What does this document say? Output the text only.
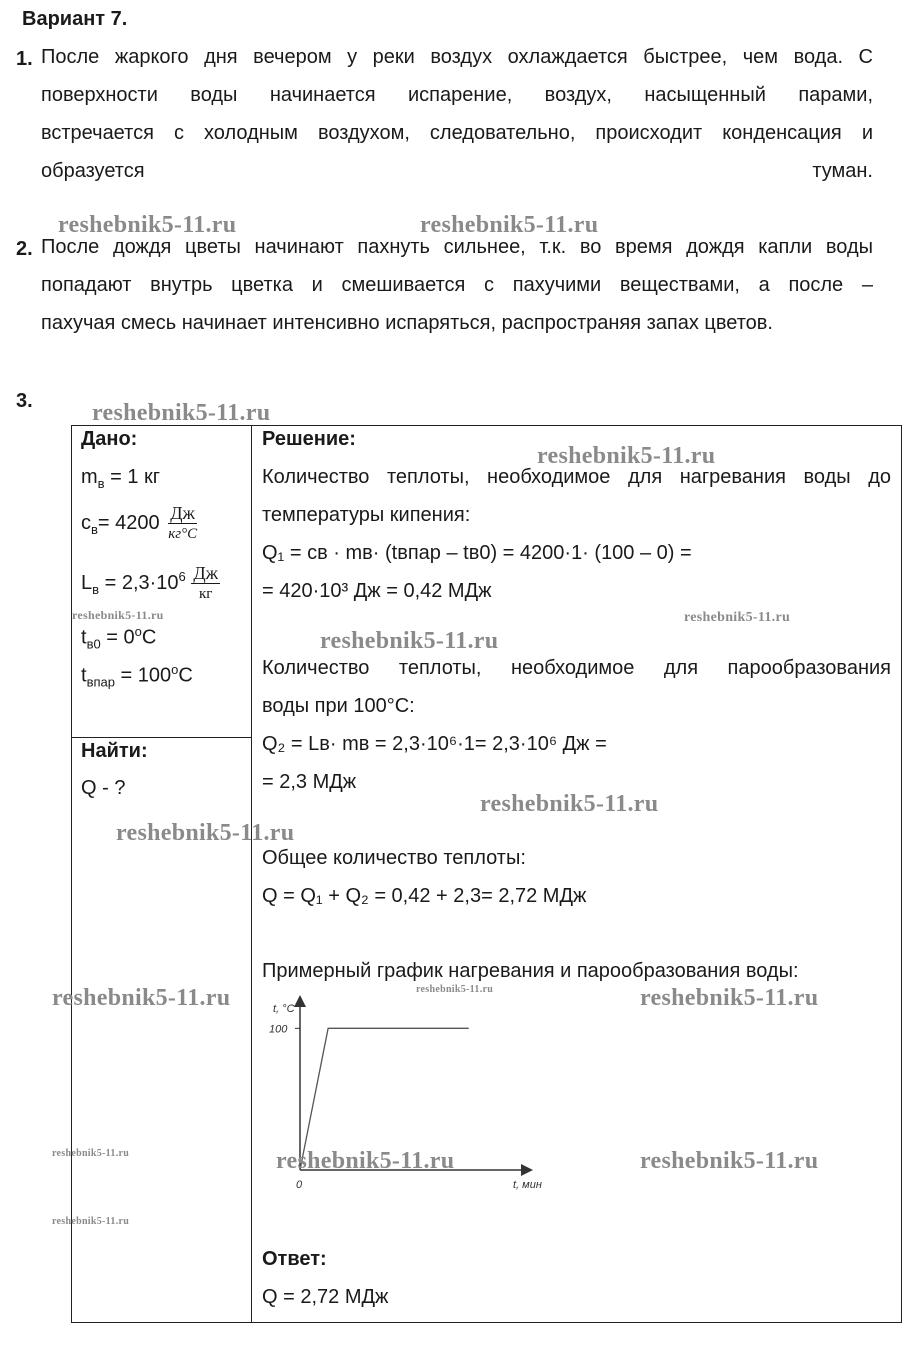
Вариант 7.
1. После жаркого дня вечером у реки воздух охлаждается быстрее, чем вода. С
поверхности воды начинается испарение, воздух, насыщенный парами,
встречается с холодным воздухом, следовательно, происходит конденсация и
образуется туман.
2. После дождя цветы начинают пахнуть сильнее, т.к. во время дождя капли воды
попадают внутрь цветка и смешивается с пахучими веществами, а после –
пахучая смесь начинает интенсивно испаряться, распространяя запах цветов.
3.
Дано:
$m_в = 1$ кг
$c_в= 4200 \frac{Дж}{кг^\circ C}$
$L_в = 2,3\cdot 10^6 \frac{Дж}{кг}$
$t_{в0} = 0^oC$
$t_{впар} = 100^oC$
Найти:
Q - ?
Решение:
Количество теплоты, необходимое для нагревания воды до
температуры кипения:
Q₁ = cв · mв· (tвпар – tв0) = 4200·1· (100 – 0) =
= 420·10³ Дж = 0,42 МДж
Количество теплоты, необходимое для парообразования
воды при 100°С:
Q₂ = Lв· mв = 2,3·10⁶·1= 2,3·10⁶ Дж =
= 2,3 МДж
Общее количество теплоты:
Q = Q₁ + Q₂ = 0,42 + 2,3= 2,72 МДж
Примерный график нагревания и парообразования воды:
t, °C
t, мин
100
0
Ответ:
Q = 2,72 МДж
reshebnik5-11.ru	reshebnik5-11.ru
reshebnik5-11.ru
reshebnik5-11.ru
reshebnik5-11.ru	reshebnik5-11.ru
reshebnik5-11.ru
reshebnik5-11.ru
reshebnik5-11.ru
reshebnik5-11.ru	reshebnik5-11.ru	reshebnik5-11.ru
reshebnik5-11.ru	reshebnik5-11.ru	reshebnik5-11.ru
reshebnik5-11.ru
